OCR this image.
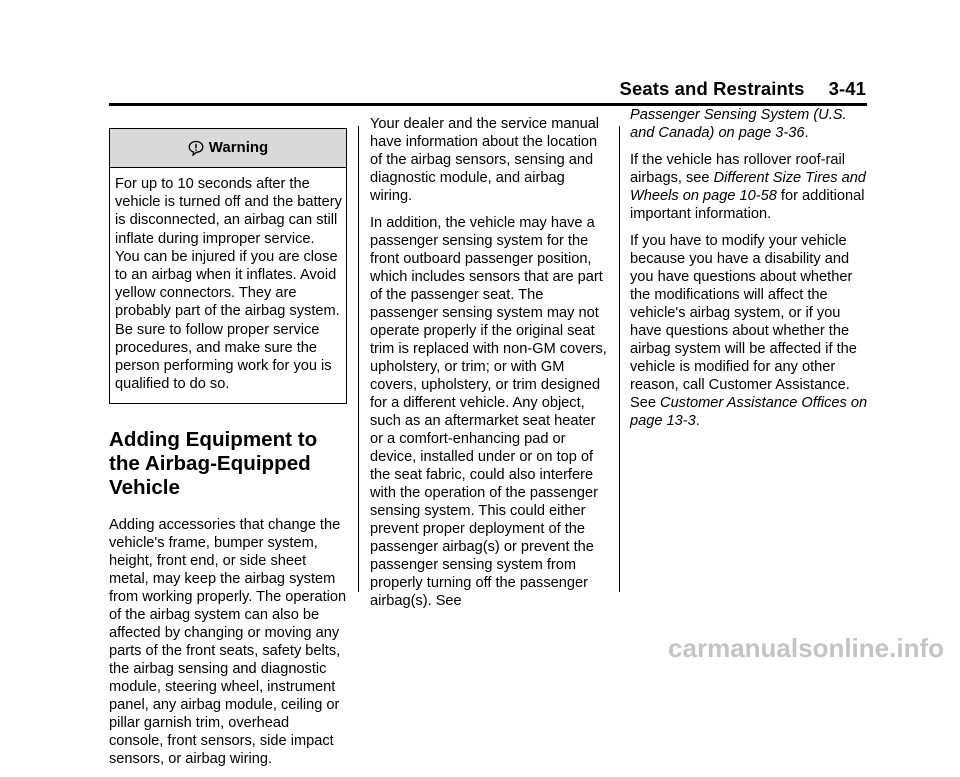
Seats and Restraints 3-41
Warning

For up to 10 seconds after the vehicle is turned off and the battery is disconnected, an airbag can still inflate during improper service. You can be injured if you are close to an airbag when it inflates. Avoid yellow connectors. They are probably part of the airbag system. Be sure to follow proper service procedures, and make sure the person performing work for you is qualified to do so.

Adding Equipment to the Airbag-Equipped Vehicle

Adding accessories that change the vehicle's frame, bumper system, height, front end, or side sheet metal, may keep the airbag system from working properly. The operation of the airbag system can also be affected by changing or moving any parts of the front seats, safety belts, the airbag sensing and diagnostic module, steering wheel, instrument panel, any airbag module, ceiling or pillar garnish trim, overhead console, front sensors, side impact sensors, or airbag wiring.

Your dealer and the service manual have information about the location of the airbag sensors, sensing and diagnostic module, and airbag wiring.

In addition, the vehicle may have a passenger sensing system for the front outboard passenger position, which includes sensors that are part of the passenger seat. The passenger sensing system may not operate properly if the original seat trim is replaced with non-GM covers, upholstery, or trim; or with GM covers, upholstery, or trim designed for a different vehicle. Any object, such as an aftermarket seat heater or a comfort-enhancing pad or device, installed under or on top of the seat fabric, could also interfere with the operation of the passenger sensing system. This could either prevent proper deployment of the passenger airbag(s) or prevent the passenger sensing system from properly turning off the passenger airbag(s). See

Passenger Sensing System (U.S. and Canada) on page 3-36.

If the vehicle has rollover roof-rail airbags, see Different Size Tires and Wheels on page 10-58 for additional important information.

If you have to modify your vehicle because you have a disability and you have questions about whether the modifications will affect the vehicle's airbag system, or if you have questions about whether the airbag system will be affected if the vehicle is modified for any other reason, call Customer Assistance. See Customer Assistance Offices on page 13-3.

carmanualsonline.info
